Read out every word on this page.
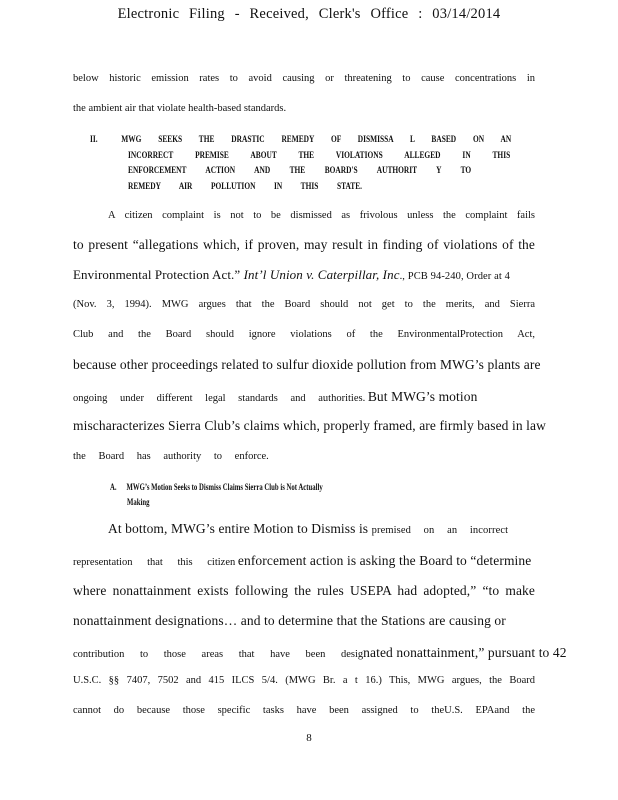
Electronic Filing - Received, Clerk's Office : 03/14/2014
below historic emission rates to avoid causing or threatening to cause concentrations in
the ambient air that violate health-based standards.
II. MWG SEEKS THE DRASTIC REMEDY OF DISMISSA L BASED ON AN
INCORRECT PREMISE ABOUT THE VIOLATIONS ALLEGED IN THIS
ENFORCEMENT ACTION AND THE BOARD'S AUTHORIT Y TO
REMEDY AIR POLLUTION IN THIS STATE.
A citizen complaint is not to be dismissed as frivolous unless the complaint fails
to present “allegations which, if proven, may result in finding of violations of the
Environmental Protection Act.” Int’l Union v. Caterpillar, Inc., PCB 94-240, Order at 4
(Nov. 3, 1994). MWG argues that the Board should not get to the merits, and Sierra
Club and the Board should ignore violations of the EnvironmentalProtection Act,
because other proceedings related to sulfur dioxide pollution from MWG’s plants are
ongoing under different legal standards and authorities. But MWG’s motion
mischaracterizes Sierra Club’s claims which, properly framed, are firmly based in law
the Board has authority to enforce.
A. MWG’s Motion Seeks to Dismiss Claims Sierra Club is Not Actually
Making
At bottom, MWG’s entire Motion to Dismiss is premised on an incorrect
representation that this citizen enforcement action is asking the Board to “determine
where nonattainment exists following the rules USEPA had adopted,” “to make
nonattainment designations… and to determine that the Stations are causing or
contribution to those areas that have been designated nonattainment,” pursuant to 42
U.S.C. §§ 7407, 7502 and 415 ILCS 5/4. (MWG Br. a t 16.) This, MWG argues, the Board
cannot do because those specific tasks have been assigned to theU.S. EPAand the
8
